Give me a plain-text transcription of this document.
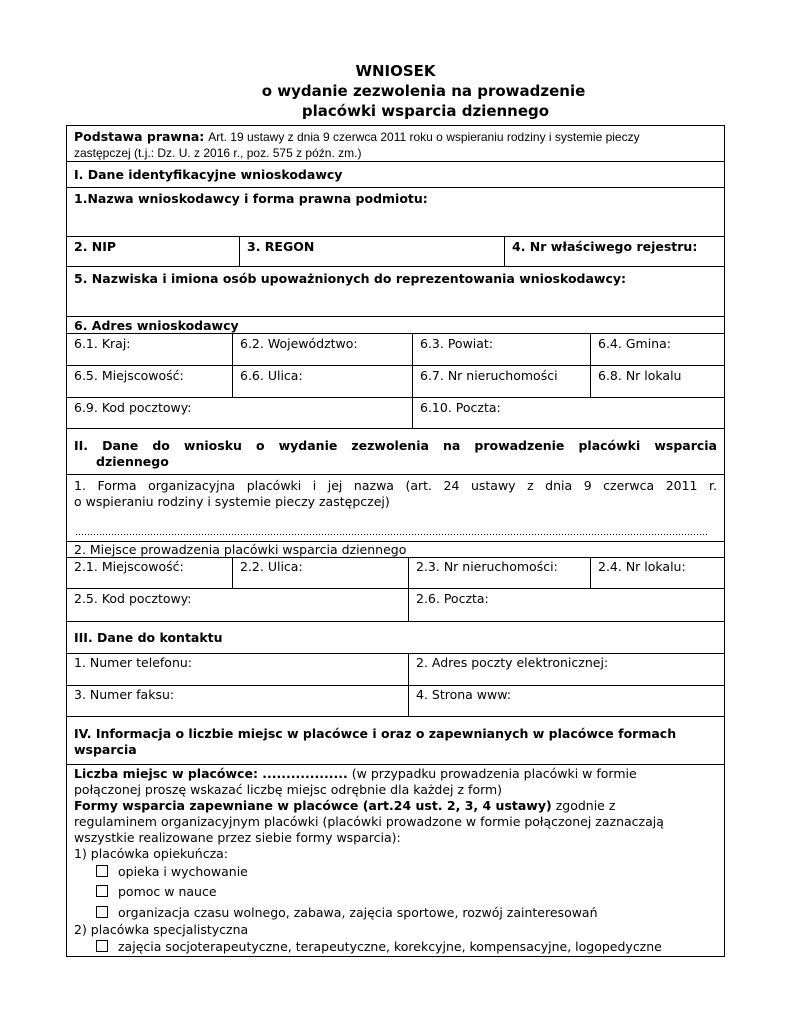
WNIOSEK
o wydanie zezwolenia na prowadzenie
placówki wsparcia dziennego
Podstawa prawna: Art. 19 ustawy z dnia 9 czerwca 2011 roku o wspieraniu rodziny i systemie pieczy
zastępczej (t.j.: Dz. U. z 2016 r., poz. 575 z późn. zm.)
I. Dane identyfikacyjne wnioskodawcy
1.Nazwa wnioskodawcy i forma prawna podmiotu:
2. NIP	3. REGON	4. Nr właściwego rejestru:
5. Nazwiska i imiona osób upoważnionych do reprezentowania wnioskodawcy:
6. Adres wnioskodawcy
6.1. Kraj:	6.2. Województwo:	6.3. Powiat:	6.4. Gmina:
6.5. Miejscowość:	6.6. Ulica:	6.7. Nr nieruchomości	6.8. Nr lokalu
6.9. Kod pocztowy:	6.10. Poczta:
II. Dane do wniosku o wydanie zezwolenia na prowadzenie placówki wsparcia
dziennego
1. Forma organizacyjna placówki i jej nazwa (art. 24 ustawy z dnia 9 czerwca 2011 r.
o wspieraniu rodziny i systemie pieczy zastępczej)
2. Miejsce prowadzenia placówki wsparcia dziennego
2.1. Miejscowość:	2.2. Ulica:	2.3. Nr nieruchomości:	2.4. Nr lokalu:
2.5. Kod pocztowy:	2.6. Poczta:
III. Dane do kontaktu
1. Numer telefonu:	2. Adres poczty elektronicznej:
3. Numer faksu:	4. Strona www:
IV. Informacja o liczbie miejsc w placówce i oraz o zapewnianych w placówce formach
wsparcia
Liczba miejsc w placówce: .................. (w przypadku prowadzenia placówki w formie
połączonej proszę wskazać liczbę miejsc odrębnie dla każdej z form)
Formy wsparcia zapewniane w placówce (art.24 ust. 2, 3, 4 ustawy) zgodnie z
regulaminem organizacyjnym placówki (placówki prowadzone w formie połączonej zaznaczają
wszystkie realizowane przez siebie formy wsparcia):
1) placówka opiekuńcza:
opieka i wychowanie
pomoc w nauce
organizacja czasu wolnego, zabawa, zajęcia sportowe, rozwój zainteresowań
2) placówka specjalistyczna
zajęcia socjoterapeutyczne, terapeutyczne, korekcyjne, kompensacyjne, logopedyczne
